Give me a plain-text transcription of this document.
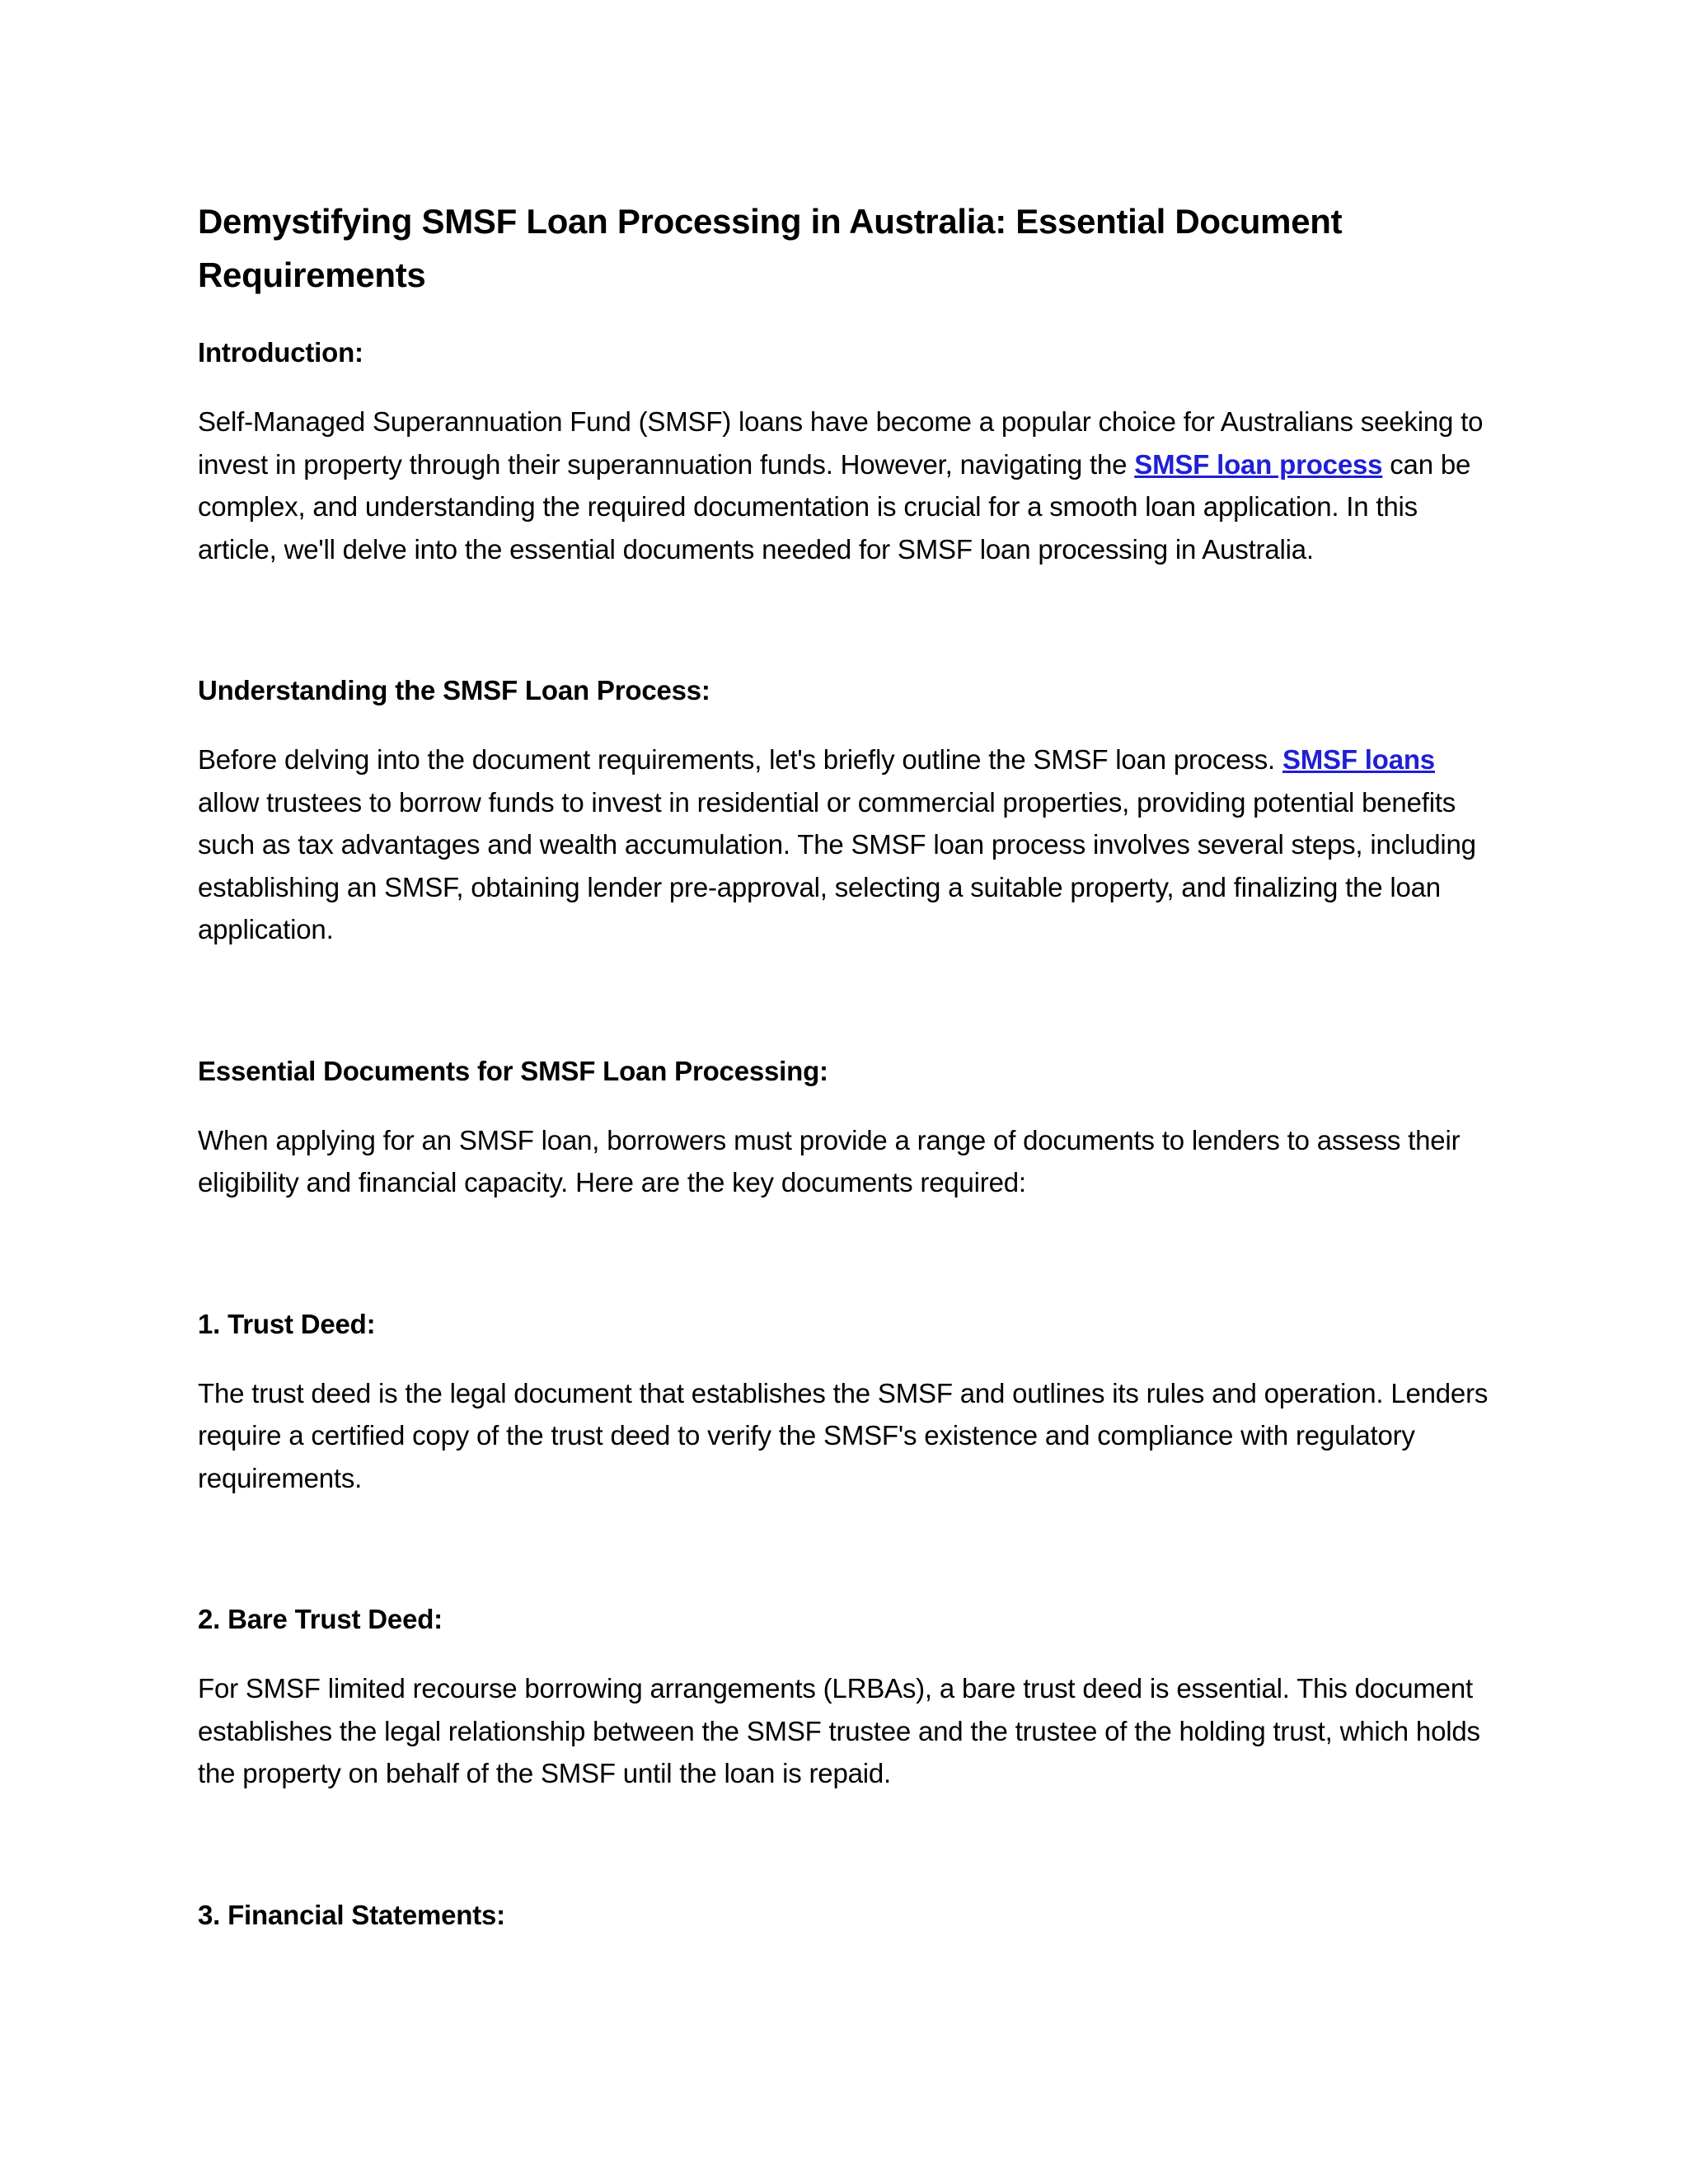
Demystifying SMSF Loan Processing in Australia: Essential Document Requirements
Introduction:

Self-Managed Superannuation Fund (SMSF) loans have become a popular choice for Australians seeking to invest in property through their superannuation funds. However, navigating the SMSF loan process can be complex, and understanding the required documentation is crucial for a smooth loan application. In this article, we'll delve into the essential documents needed for SMSF loan processing in Australia.

Understanding the SMSF Loan Process:

Before delving into the document requirements, let's briefly outline the SMSF loan process. SMSF loans allow trustees to borrow funds to invest in residential or commercial properties, providing potential benefits such as tax advantages and wealth accumulation. The SMSF loan process involves several steps, including establishing an SMSF, obtaining lender pre-approval, selecting a suitable property, and finalizing the loan application.

Essential Documents for SMSF Loan Processing:

When applying for an SMSF loan, borrowers must provide a range of documents to lenders to assess their eligibility and financial capacity. Here are the key documents required:

1. Trust Deed:

The trust deed is the legal document that establishes the SMSF and outlines its rules and operation. Lenders require a certified copy of the trust deed to verify the SMSF's existence and compliance with regulatory requirements.

2. Bare Trust Deed:

For SMSF limited recourse borrowing arrangements (LRBAs), a bare trust deed is essential. This document establishes the legal relationship between the SMSF trustee and the trustee of the holding trust, which holds the property on behalf of the SMSF until the loan is repaid.

3. Financial Statements:
